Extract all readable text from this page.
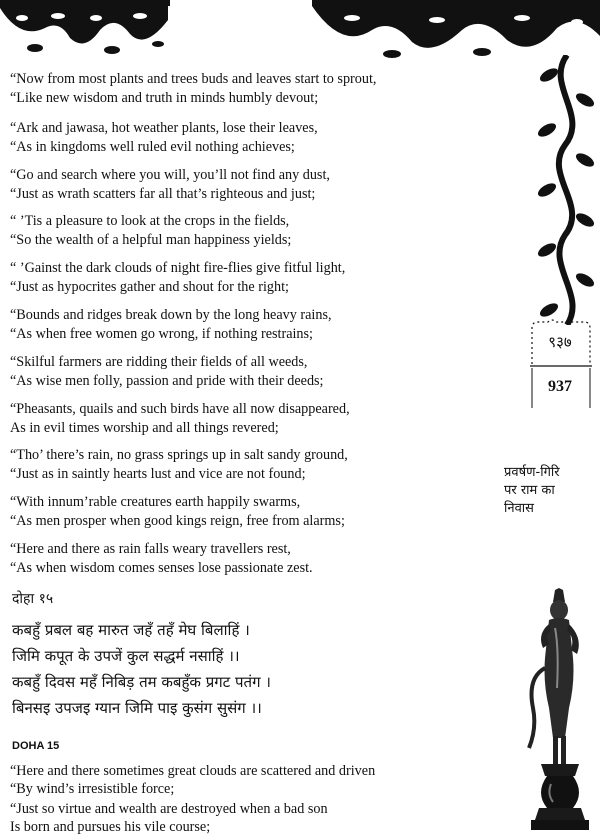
“Now from most plants and trees buds and leaves start to sprout,
“Like new wisdom and truth in minds humbly devout;
“Ark and jawasa, hot weather plants, lose their leaves,
“As in kingdoms well ruled evil nothing achieves;
“Go and search where you will, you’ll not find any dust,
“Just as wrath scatters far all that’s righteous and just;
“ ’Tis a pleasure to look at the crops in the fields,
“So the wealth of a helpful man happiness yields;
“ ’Gainst the dark clouds of night fire-flies give fitful light,
“Just as hypocrites gather and shout for the right;
“Bounds and ridges break down by the long heavy rains,
“As when free women go wrong, if nothing restrains;
“Skilful farmers are ridding their fields of all weeds,
“As wise men folly, passion and pride with their deeds;
“Pheasants, quails and such birds have all now disappeared,
As in evil times worship and all things revered;
“Tho’ there’s rain, no grass springs up in salt sandy ground,
“Just as in saintly hearts lust and vice are not found;
“With innum’rable creatures earth happily swarms,
“As men prosper when good kings reign, free from alarms;
“Here and there as rain falls weary travellers rest,
“As when wisdom comes senses lose passionate zest.
दोहा १५
कबहुँ प्रबल बह मारुत जहँ तहँ मेघ बिलाहिं ।
जिमि कपूत के उपजें कुल सद्धर्म नसाहिं ।।
कबहुँ दिवस महँ निबिड़ तम कबहुँक प्रगट पतंग ।
बिनसइ उपजइ ग्यान जिमि पाइ कुसंग सुसंग ।।
DOHA 15
“Here and there sometimes great clouds are scattered and driven
“By wind’s irresistible force;
“Just so virtue and wealth are destroyed when a bad son
Is born and pursues his vile course;
९३७
937
प्रवर्षण-गिरि
पर राम का
निवास
